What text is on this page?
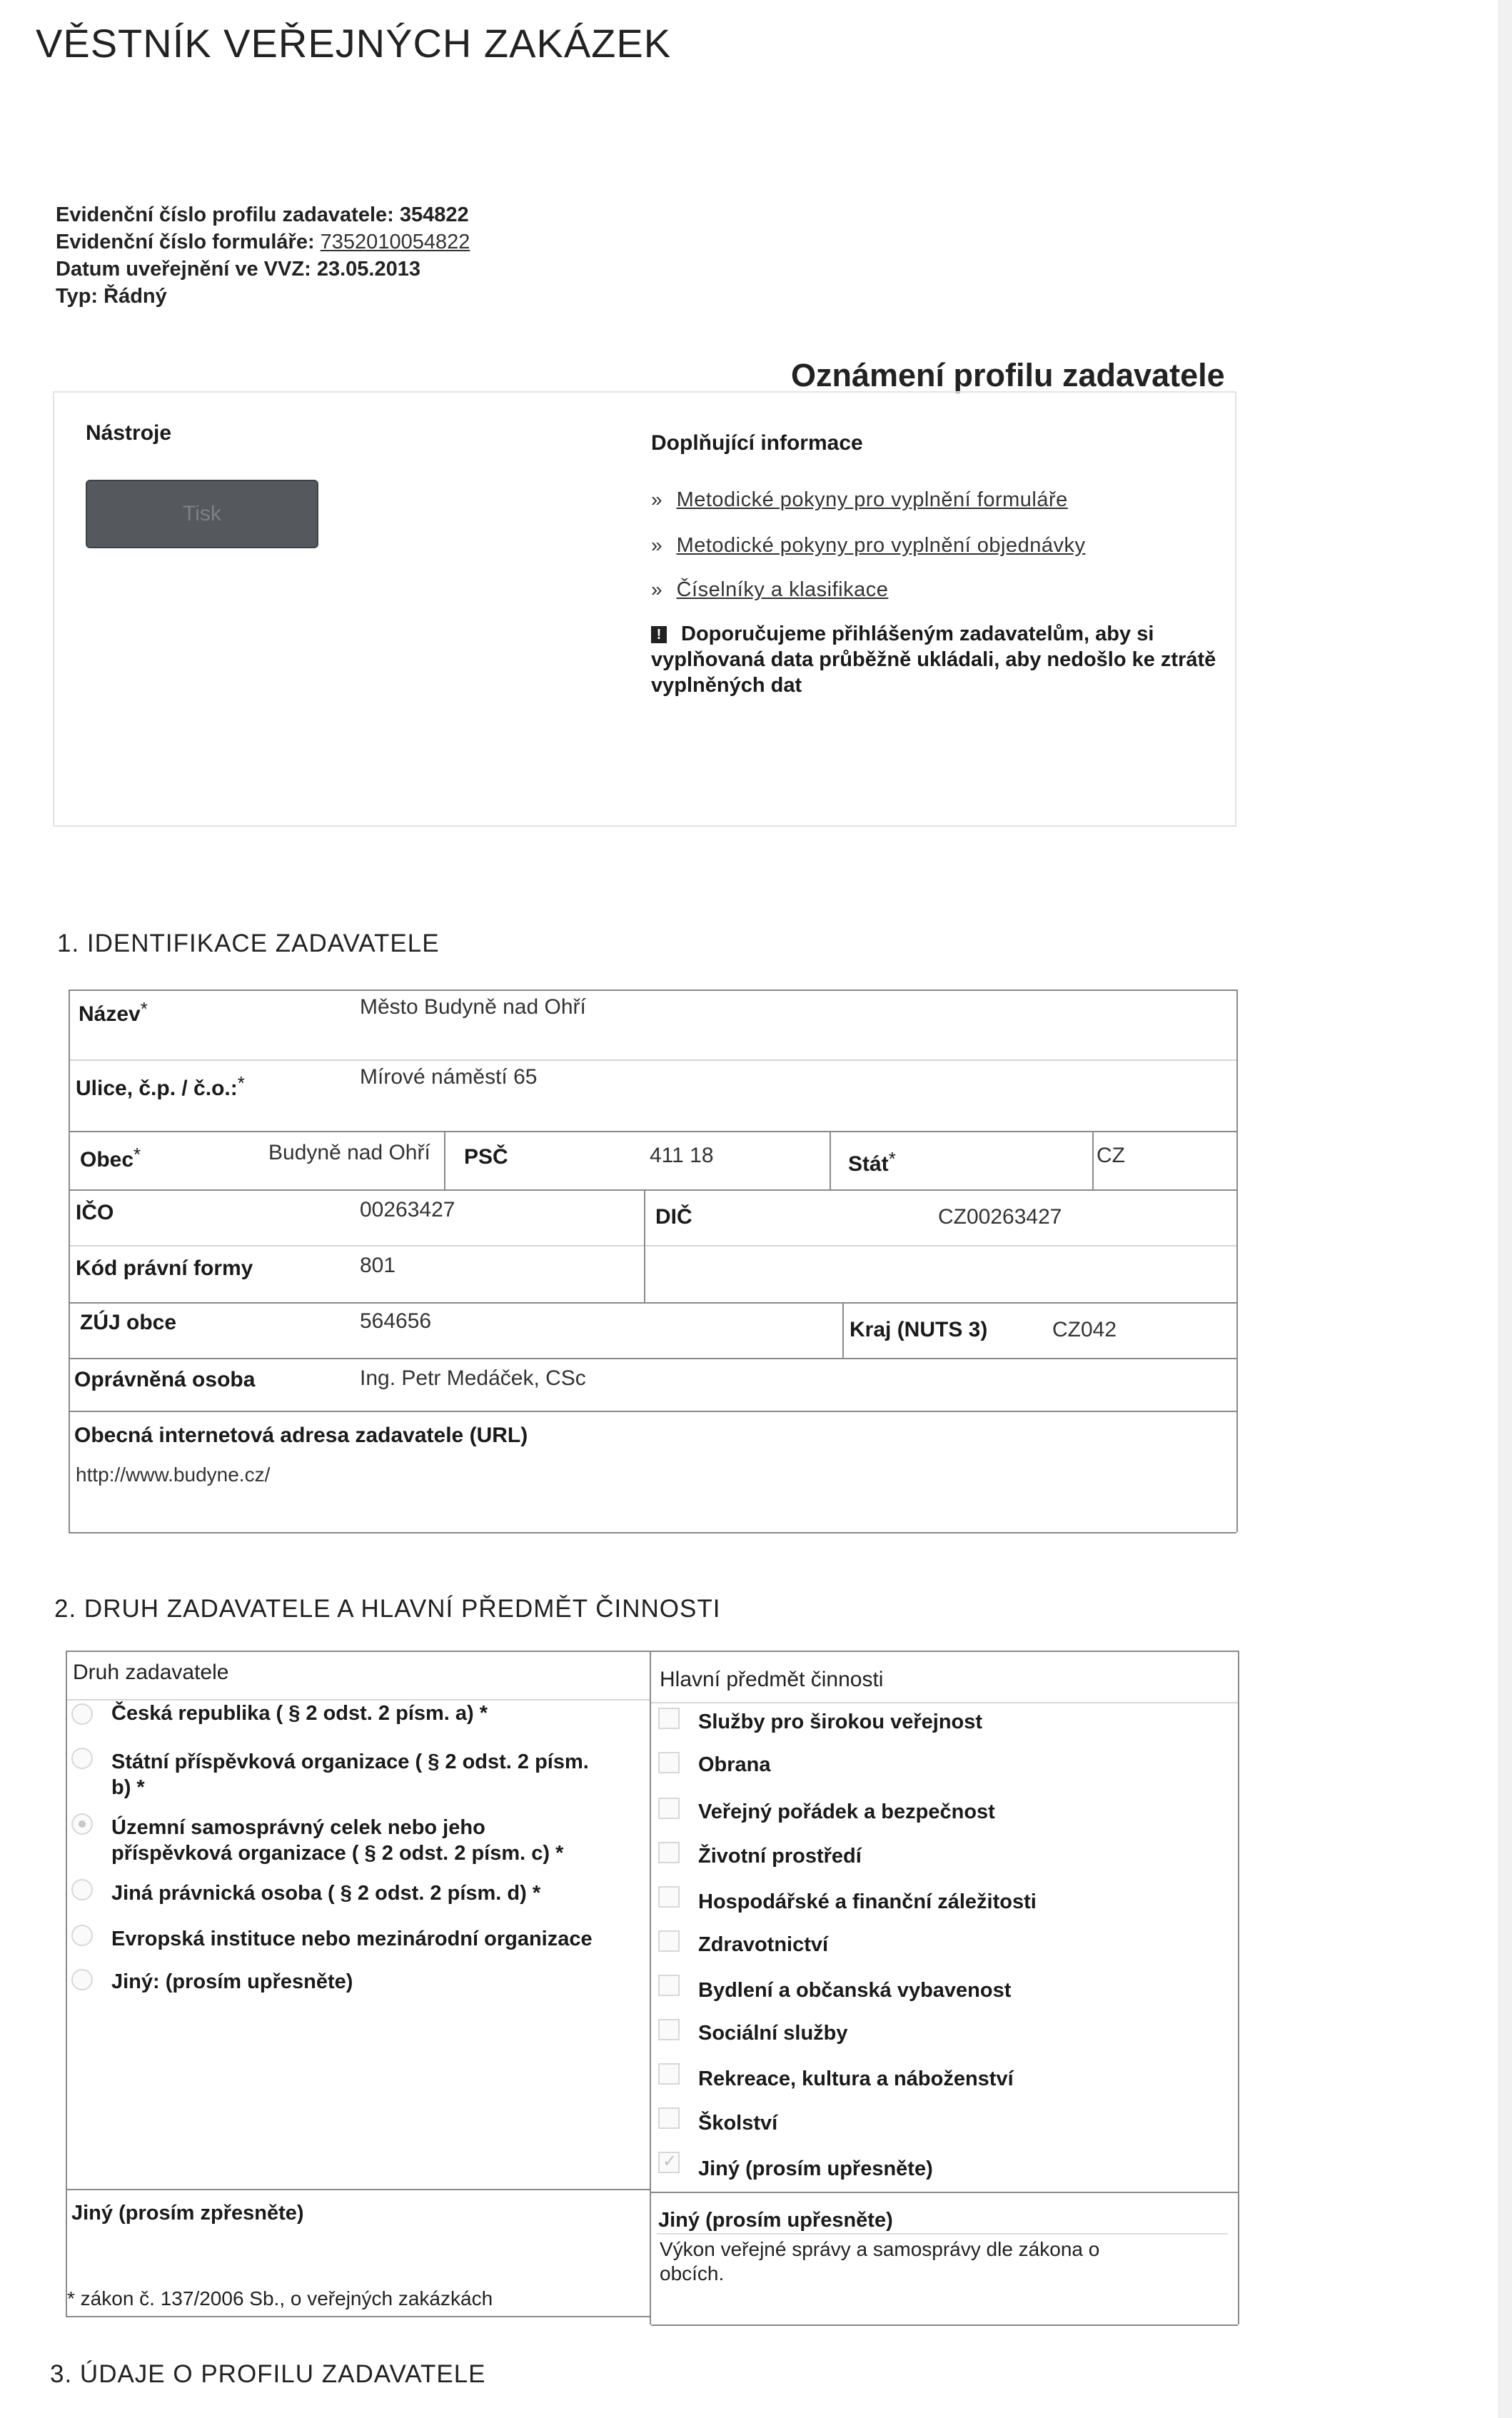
VĚSTNÍK VEŘEJNÝCH ZAKÁZEK
Evidenční číslo profilu zadavatele: 354822
Evidenční číslo formuláře: 7352010054822
Datum uveřejnění ve VVZ: 23.05.2013
Typ: Řádný
Oznámení profilu zadavatele
Nástroje
Tisk
Doplňující informace
» Metodické pokyny pro vyplnění formuláře
» Metodické pokyny pro vyplnění objednávky
» Číselníky a klasifikace
! Doporučujeme přihlášeným zadavatelům, aby si vyplňovaná data průběžně ukládali, aby nedošlo ke ztrátě vyplněných dat
1. IDENTIFIKACE ZADAVATELE
Název*	Město Budyně nad Ohří
Ulice, č.p. / č.o.:*	Mírové náměstí 65
Obec*	Budyně nad Ohří PSČ	411 18	Stát*	CZ
IČO	00263427	DIČ	CZ00263427
Kód právní formy	801
ZÚJ obce	564656	Kraj (NUTS 3)	CZ042
Oprávněná osoba	Ing. Petr Medáček, CSc
Obecná internetová adresa zadavatele (URL)
http://www.budyne.cz/
2. DRUH ZADAVATELE A HLAVNÍ PŘEDMĚT ČINNOSTI
Druh zadavatele	Hlavní předmět činnosti
Česká republika ( § 2 odst. 2 písm. a) *
Státní příspěvková organizace ( § 2 odst. 2 písm.
b) *
Územní samosprávný celek nebo jeho
příspěvková organizace ( § 2 odst. 2 písm. c) *
Jiná právnická osoba ( § 2 odst. 2 písm. d) *
Evropská instituce nebo mezinárodní organizace
Jiný: (prosím upřesněte)
Služby pro širokou veřejnost
Obrana
Veřejný pořádek a bezpečnost
Životní prostředí
Hospodářské a finanční záležitosti
Zdravotnictví
Bydlení a občanská vybavenost
Sociální služby
Rekreace, kultura a náboženství
Školství
✓
Jiný (prosím upřesněte)
Jiný (prosím zpřesněte)
* zákon č. 137/2006 Sb., o veřejných zakázkách
Jiný (prosím upřesněte)
Výkon veřejné správy a samosprávy dle zákona o
obcích.
3. ÚDAJE O PROFILU ZADAVATELE
